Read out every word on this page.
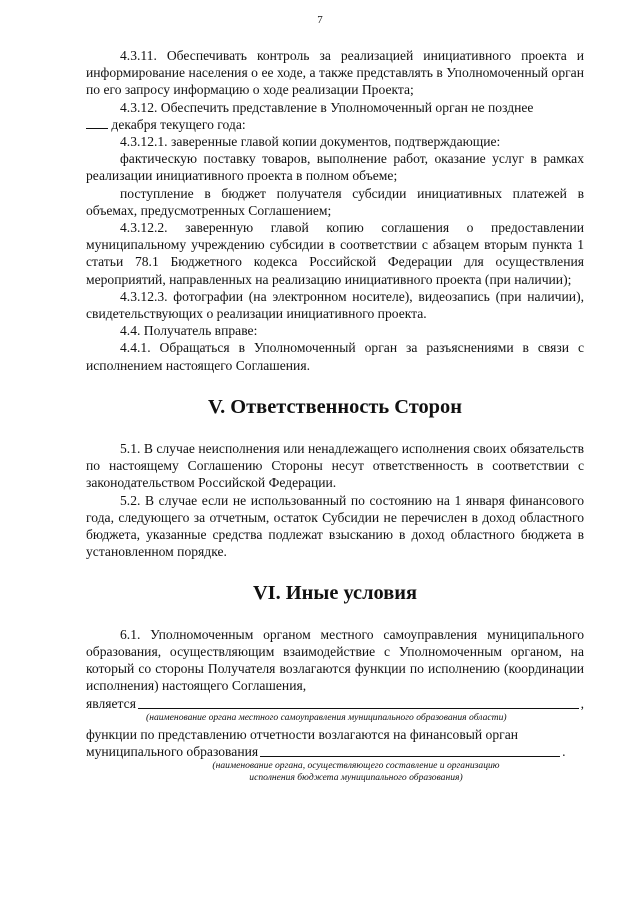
7

4.3.11. Обеспечивать контроль за реализацией инициативного проекта и информирование населения о ее ходе, а также представлять в Уполномоченный орган по его запросу информацию о ходе реализации Проекта;

4.3.12. Обеспечить представление в Уполномоченный орган не позднее

декабря текущего года:

4.3.12.1. заверенные главой копии документов, подтверждающие:

фактическую поставку товаров, выполнение работ, оказание услуг в рамках реализации инициативного проекта в полном объеме;

поступление в бюджет получателя субсидии инициативных платежей в объемах, предусмотренных Соглашением;

4.3.12.2. заверенную главой копию соглашения о предоставлении муниципальному учреждению субсидии в соответствии с абзацем вторым пункта 1 статьи 78.1 Бюджетного кодекса Российской Федерации для осуществления мероприятий, направленных на реализацию инициативного проекта (при наличии);

4.3.12.3. фотографии (на электронном носителе), видеозапись (при наличии), свидетельствующих о реализации инициативного проекта.

4.4. Получатель вправе:

4.4.1. Обращаться в Уполномоченный орган за разъяснениями в связи с исполнением настоящего Соглашения.

V. Ответственность Сторон

5.1. В случае неисполнения или ненадлежащего исполнения своих обязательств по настоящему Соглашению Стороны несут ответственность в соответствии с законодательством Российской Федерации.

5.2. В случае если не использованный по состоянию на 1 января финансового года, следующего за отчетным, остаток Субсидии не перечислен в доход областного бюджета, указанные средства подлежат взысканию в доход областного бюджета в установленном порядке.

VI. Иные условия

6.1. Уполномоченным органом местного самоуправления муниципального образования, осуществляющим взаимодействие с Уполномоченным органом, на который со стороны Получателя возлагаются функции по исполнению (координации исполнения) настоящего Соглашения,

является	,
(наименование органа местного самоуправления муниципального образования области)

функции по представлению отчетности возлагаются на финансовый орган

муниципального образования	.
(наименование органа, осуществляющего составление и организацию исполнения бюджета муниципального образования)
